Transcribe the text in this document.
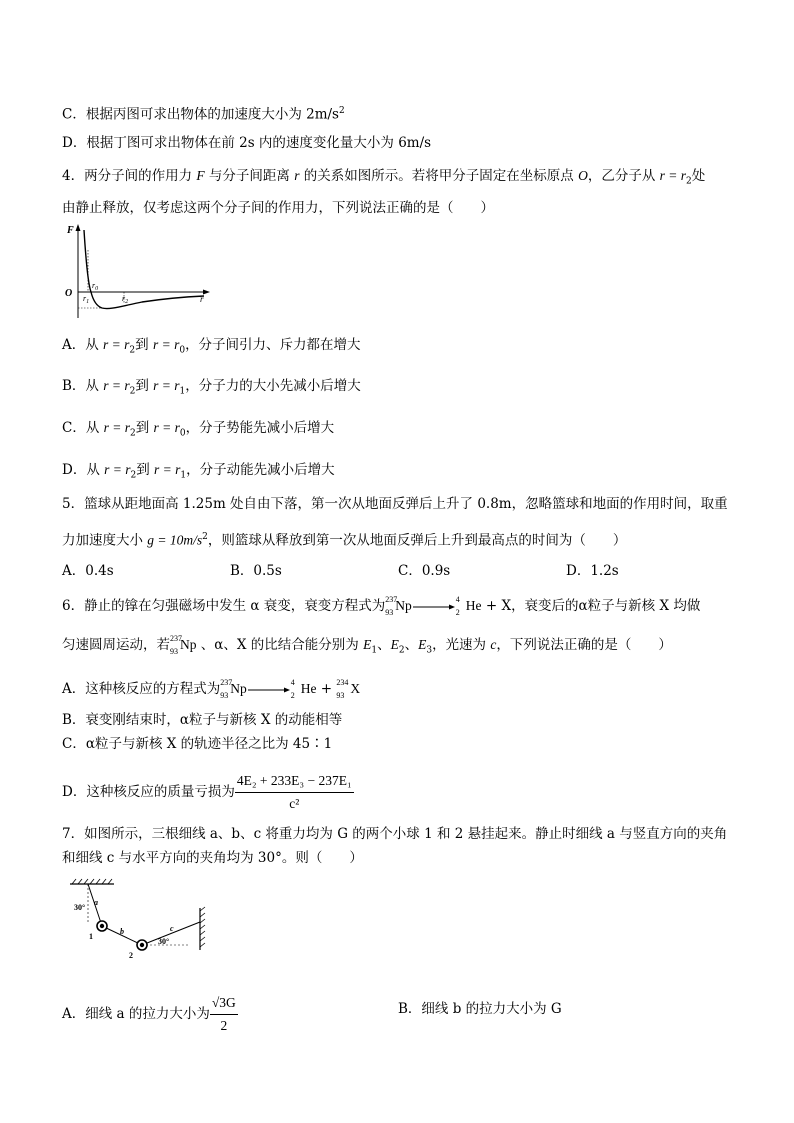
C．根据丙图可求出物体的加速度大小为 $2m/s^2$
D．根据丁图可求出物体在前 2s 内的速度变化量大小为 6m/s
4．两分子间的作用力 F 与分子间距离 r 的关系如图所示。若将甲分子固定在坐标原点 O，乙分子从 $r = r_2$处
由静止释放，仅考虑这两个分子间的作用力，下列说法正确的是（　　）
F
O
$r_0$
$r_1$	$r_2$	r
A．从 $r = r_2$到 $r = r_0$，分子间引力、斥力都在增大
B．从 $r = r_2$到 $r = r_1$，分子力的大小先减小后增大
C．从 $r = r_2$到 $r = r_0$，分子势能先减小后增大
D．从 $r = r_2$到 $r = r_1$，分子动能先减小后增大
5．篮球从距地面高 1.25m 处自由下落，第一次从地面反弹后上升了 0.8m，忽略篮球和地面的作用时间，取重
力加速度大小 $g = 10m/s^2$，则篮球从释放到第一次从地面反弹后上升到最高点的时间为（　　）
A．0.4s	B．0.5s	C．0.9s	D．1.2s
6．静止的镎在匀强磁场中发生 α 衰变，衰变方程式为 237
93 Np→
4
2 He + X，衰变后的α粒子与新核 X 均做
匀速圆周运动，若 237
93 Np 、α、X 的比结合能分别为 $E_1$、$E_2$、$E_3$，光速为 c，下列说法正确的是（　　）
A．这种核反应的方程式为 237
93 Np→
4
2 He + 234
93 X
B．衰变刚结束时，α粒子与新核 X 的动能相等
C．α粒子与新核 X 的轨迹半径之比为 45∶1
D．这种核反应的质量亏损为 $\frac{\text{4E₂ + 233E₃ − 237E₁}}{\text{c²}}$
7．如图所示，三根细线 a、b、c 将重力均为 G 的两个小球 1 和 2 悬挂起来。静止时细线 a 与竖直方向的夹角
和细线 c 与水平方向的夹角均为 30°。则（　　）
30°
a
b	c
30°
1
2
A．细线 a 的拉力大小为 $\frac{√3G}{2}$	B．细线 b 的拉力大小为 G
